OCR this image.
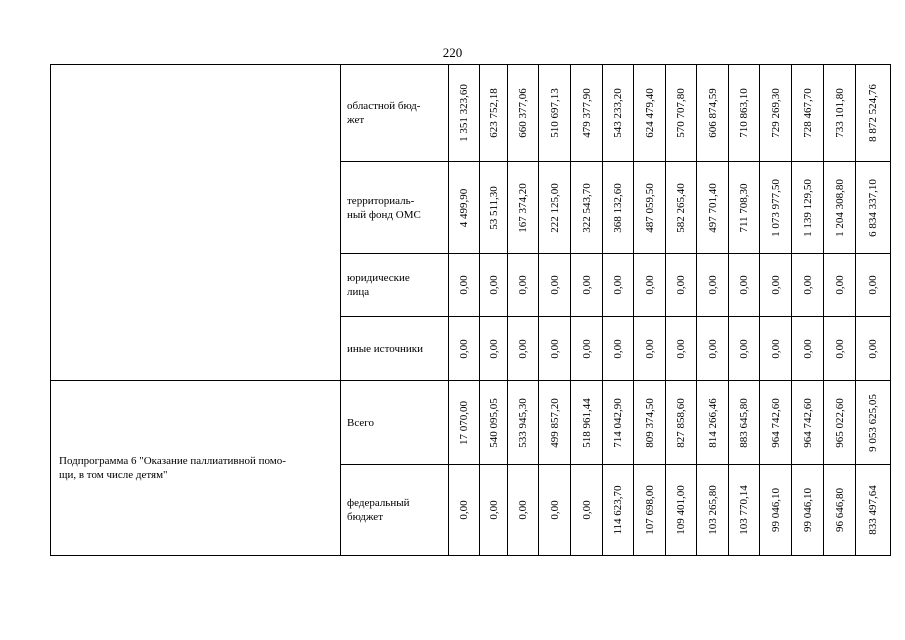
220
	областной бюд-
жет	1 351 323,60	623 752,18	660 377,06	510 697,13	479 377,90	543 233,20	624 479,40	570 707,80	606 874,59	710 863,10	729 269,30	728 467,70	733 101,80	8 872 524,76

	территориаль-
ный фонд ОМС	4 499,90	53 511,30	167 374,20	222 125,00	322 543,70	368 132,60	487 059,50	582 265,40	497 701,40	711 708,30	1 073 977,50	1 139 129,50	1 204 308,80	6 834 337,10

	юридические
лица	0,00	0,00	0,00	0,00	0,00	0,00	0,00	0,00	0,00	0,00	0,00	0,00	0,00	0,00

	иные источники	0,00	0,00	0,00	0,00	0,00	0,00	0,00	0,00	0,00	0,00	0,00	0,00	0,00	0,00

Подпрограмма 6 "Оказание паллиативной помо-
щи, в том числе детям"	Всего	17 070,00	540 095,05	533 945,30	499 857,20	518 961,44	714 042,90	809 374,50	827 858,60	814 266,46	883 645,80	964 742,60	964 742,60	965 022,60	9 053 625,05

	федеральный
бюджет	0,00	0,00	0,00	0,00	0,00	114 623,70	107 698,00	109 401,00	103 265,80	103 770,14	99 046,10	99 046,10	96 646,80	833 497,64
